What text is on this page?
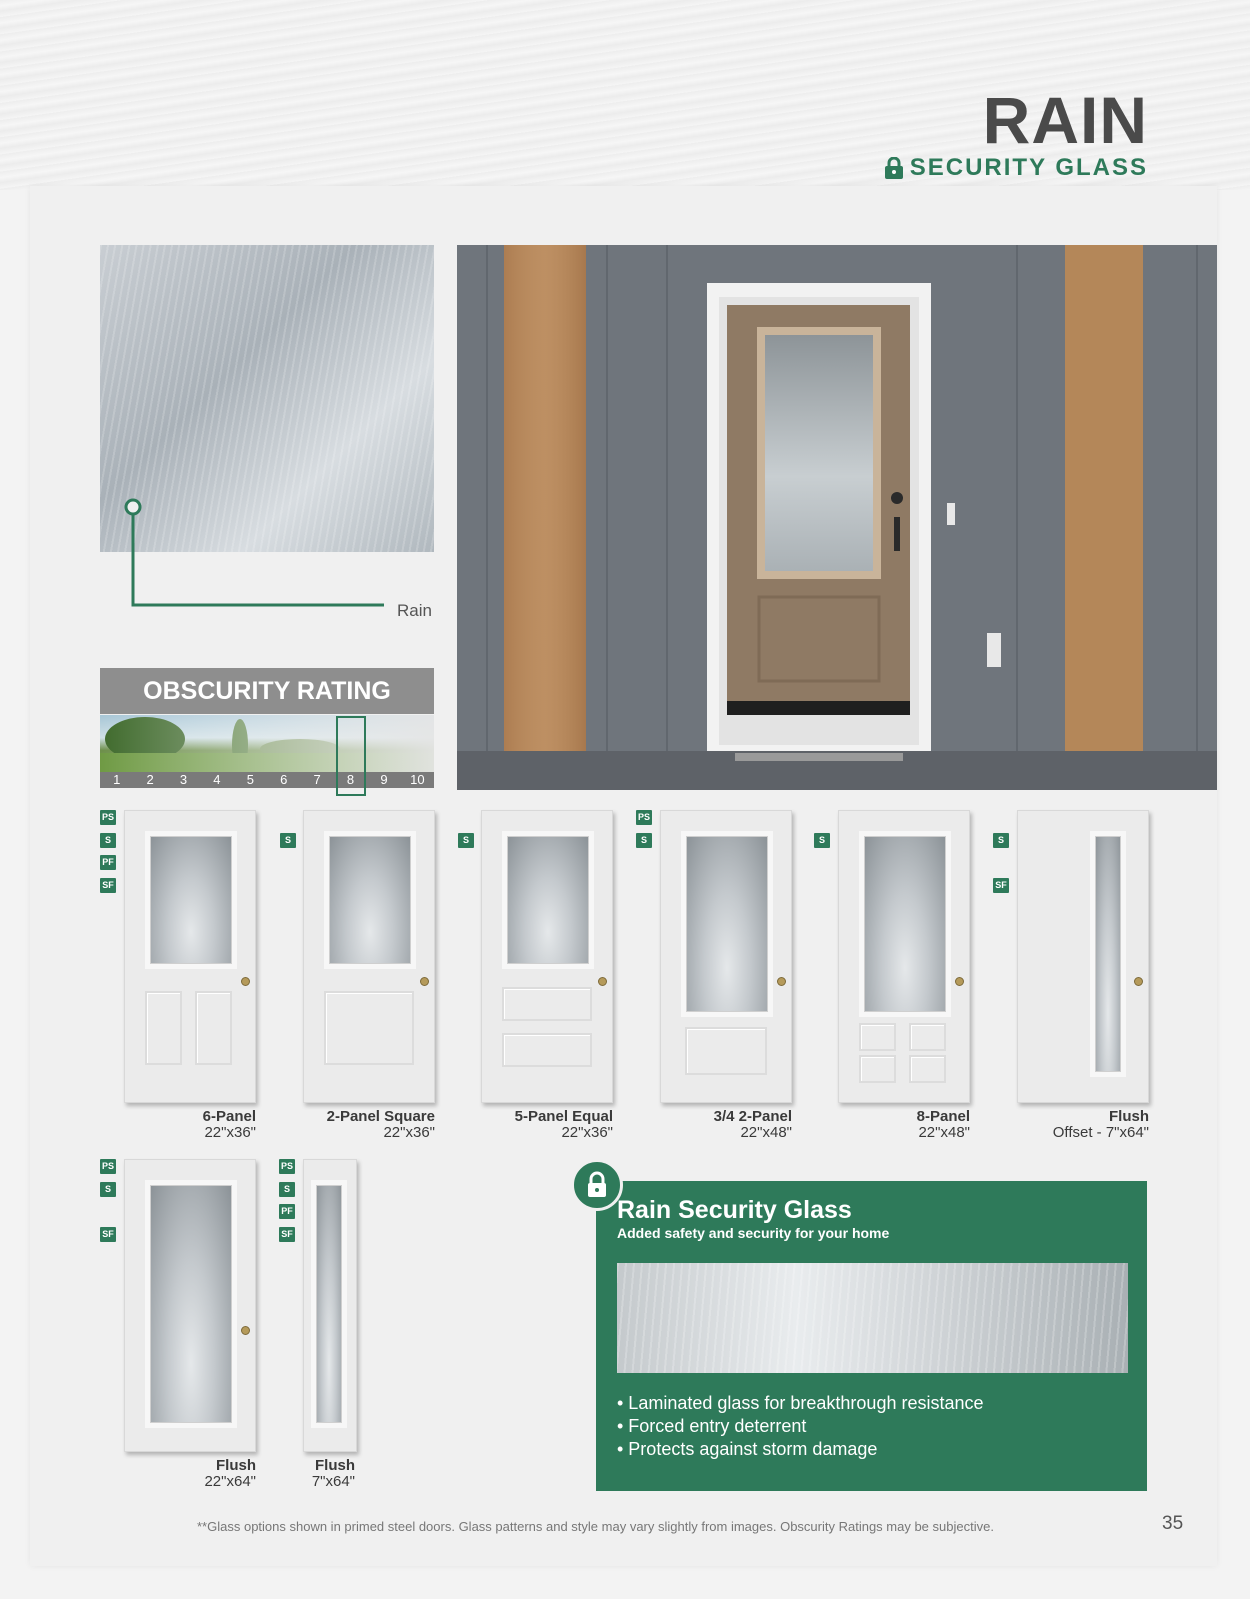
RAIN
SECURITY GLASS
Rain
OBSCURITY RATING
1	2	3	4	5	6	7	8	9	10
PS
S
PF
SF
S	S
PS
S	S	S
SF
PS
S
SF
PS
S
PF
SF
6-Panel
22"x36"
2-Panel Square
22"x36"
5-Panel Equal
22"x36"
3/4 2-Panel
22"x48"
8-Panel
22"x48"
Flush
Offset - 7"x64"
Flush
22"x64"
Flush
7"x64"
Rain Security Glass
Added safety and security for your home
• Laminated glass for breakthrough resistance
• Forced entry deterrent
• Protects against storm damage
**Glass options shown in primed steel doors. Glass patterns and style may vary slightly from images. Obscurity Ratings may be subjective.	35
